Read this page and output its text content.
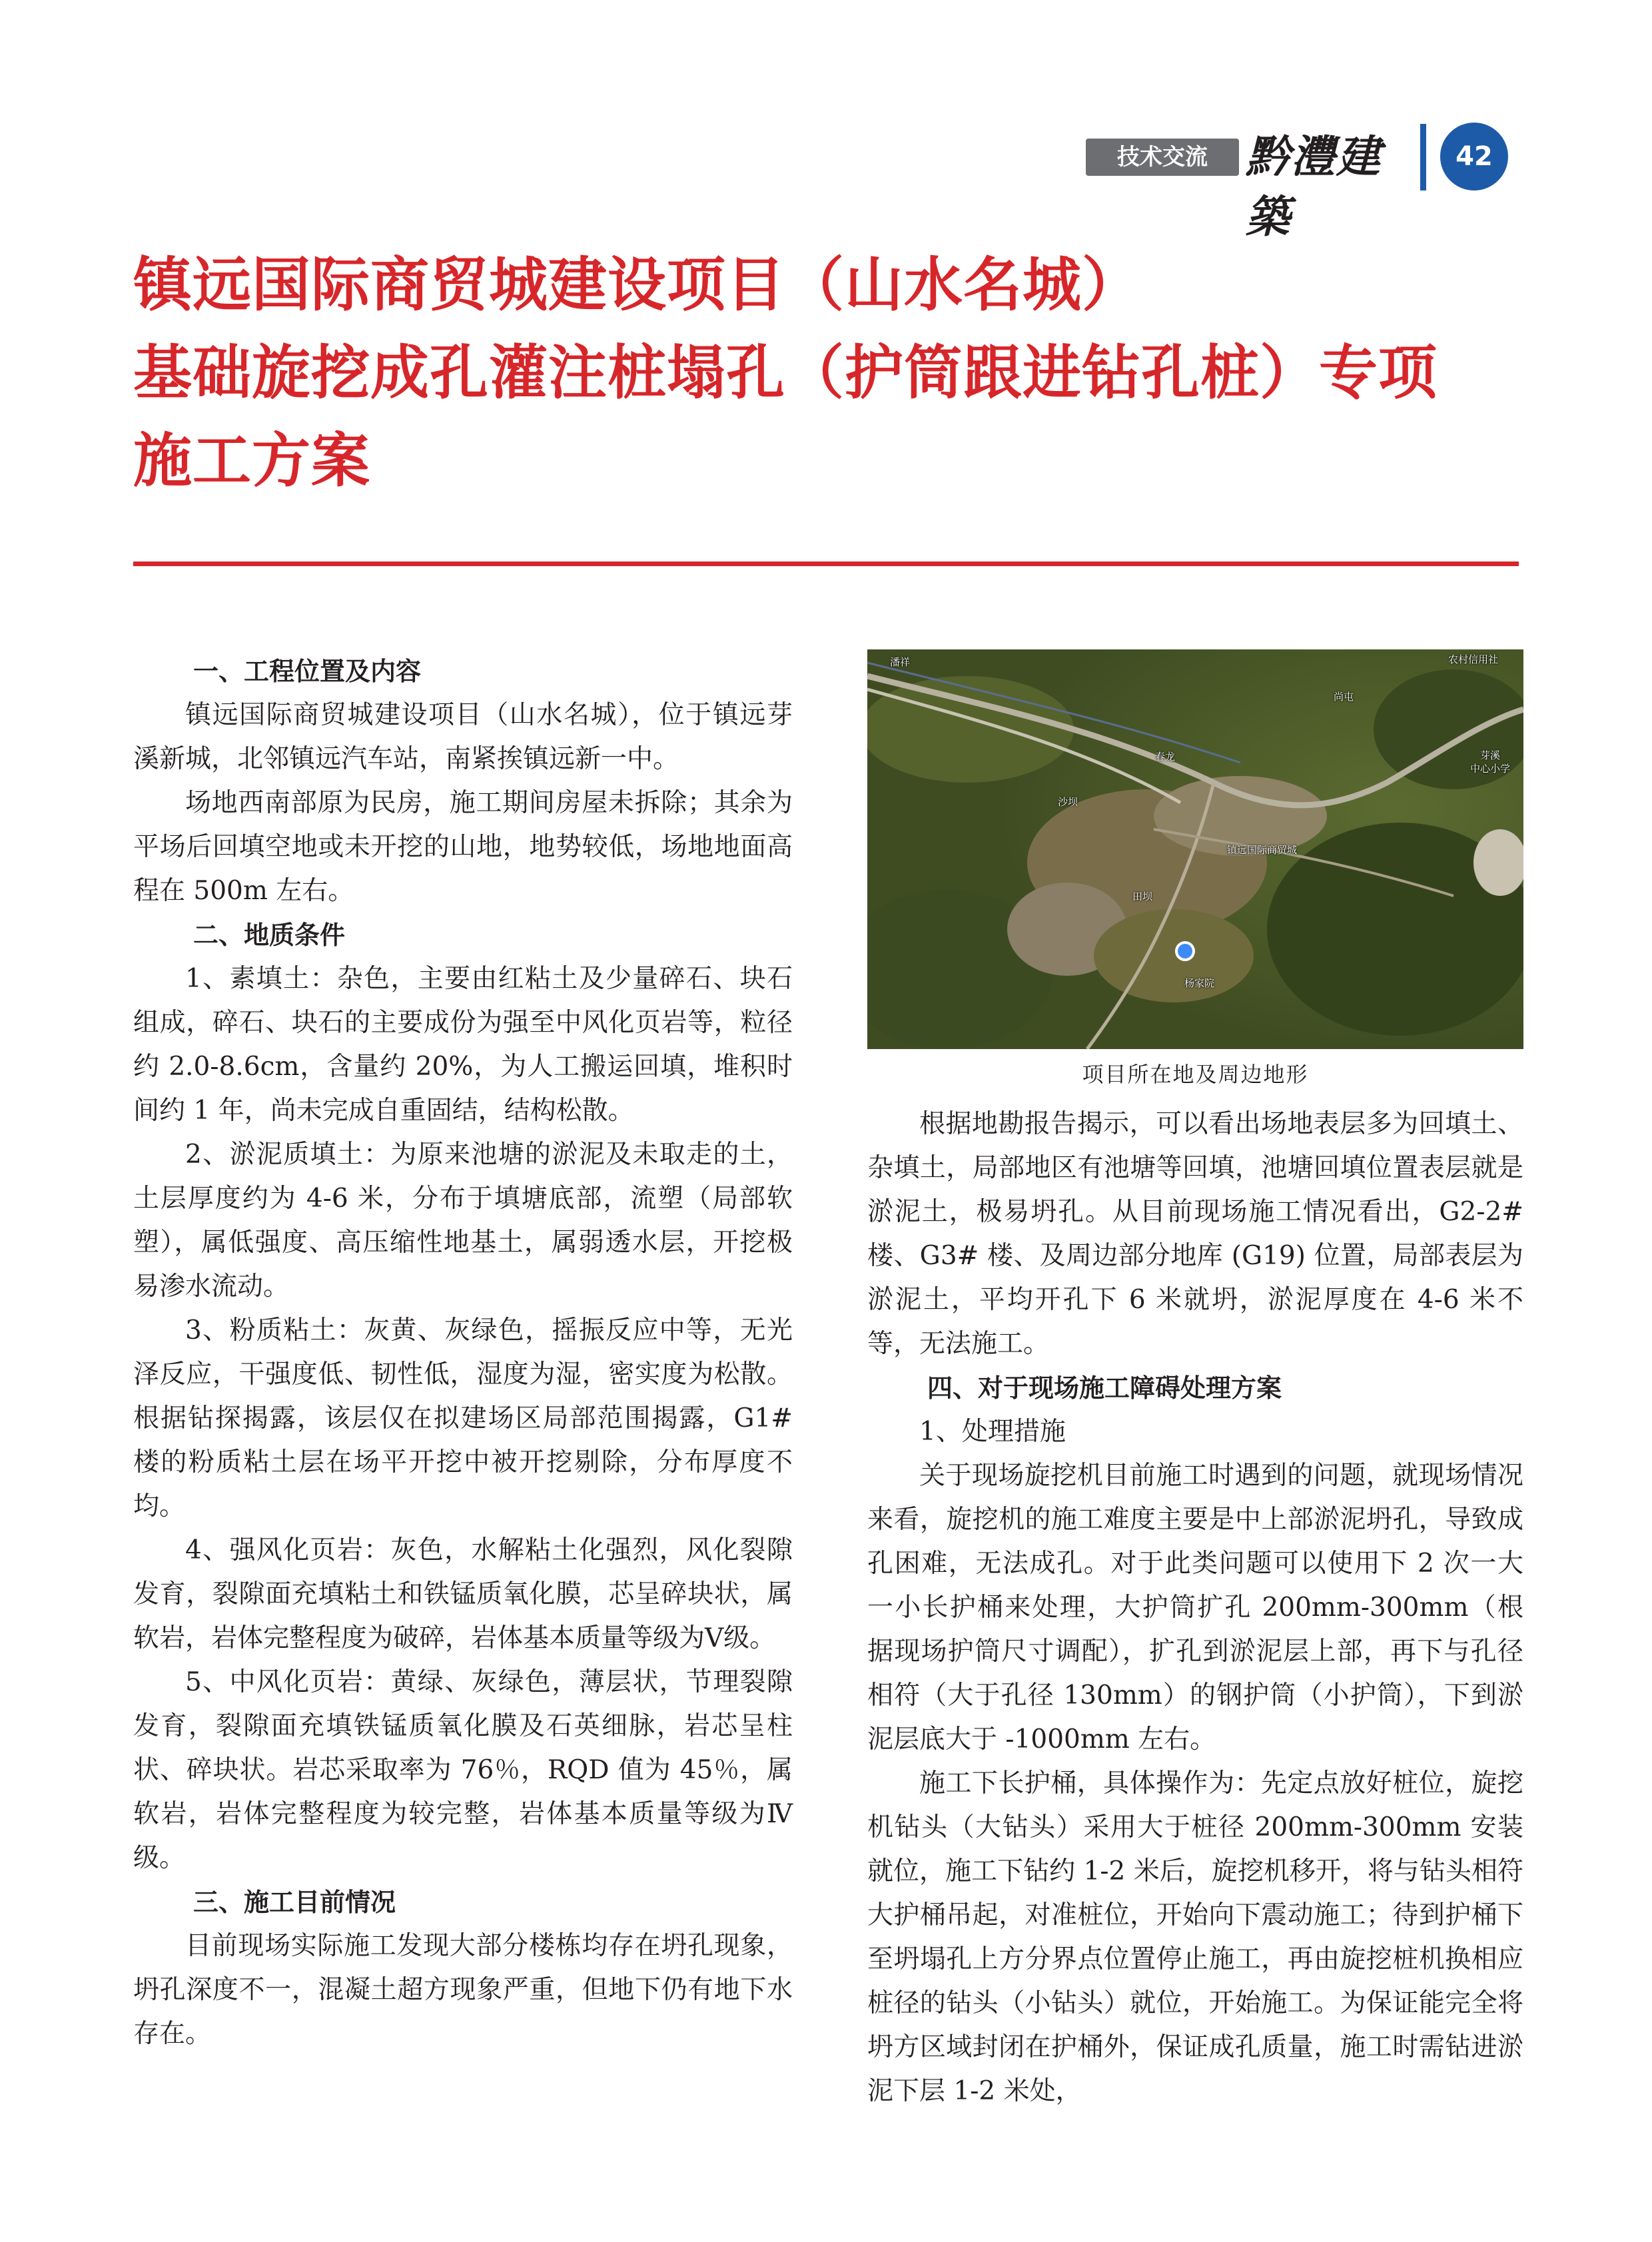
技术交流 黔灃建築
42
镇远国际商贸城建设项目（山水名城）
基础旋挖成孔灌注桩塌孔（护筒跟进钻孔桩）专项
施工方案

一、工程位置及内容

镇远国际商贸城建设项目（山水名城），位于镇远芽溪新城，北邻镇远汽车站，南紧挨镇远新一中。

场地西南部原为民房，施工期间房屋未拆除；其余为平场后回填空地或未开挖的山地，地势较低，场地地面高程在 500m 左右。

二、地质条件

1、素填土：杂色，主要由红粘土及少量碎石、块石组成，碎石、块石的主要成份为强至中风化页岩等，粒径约 2.0-8.6cm，含量约 20%，为人工搬运回填，堆积时间约 1 年，尚未完成自重固结，结构松散。

2、淤泥质填土：为原来池塘的淤泥及未取走的土，土层厚度约为 4-6 米，分布于填塘底部，流塑（局部软塑），属低强度、高压缩性地基土，属弱透水层，开挖极易渗水流动。

3、粉质粘土：灰黄、灰绿色，摇振反应中等，无光泽反应，干强度低、韧性低，湿度为湿，密实度为松散。根据钻探揭露，该层仅在拟建场区局部范围揭露，G1# 楼的粉质粘土层在场平开挖中被开挖剔除，分布厚度不均。

4、强风化页岩：灰色，水解粘土化强烈，风化裂隙发育，裂隙面充填粘土和铁锰质氧化膜，芯呈碎块状，属软岩，岩体完整程度为破碎，岩体基本质量等级为Ⅴ级。

5、中风化页岩：黄绿、灰绿色，薄层状，节理裂隙发育，裂隙面充填铁锰质氧化膜及石英细脉，岩芯呈柱状、碎块状。岩芯采取率为 76％，RQD 值为 45％，属软岩，岩体完整程度为较完整，岩体基本质量等级为Ⅳ级。

三、施工目前情况

目前现场实际施工发现大部分楼栋均存在坍孔现象，坍孔深度不一，混凝土超方现象严重，但地下仍有地下水存在。

潘祥	农村信用社
尚屯
芽溪
中心小学
春龙
沙坝
镇远国际商贸城
田坝
杨家院
项目所在地及周边地形

根据地勘报告揭示，可以看出场地表层多为回填土、杂填土，局部地区有池塘等回填，池塘回填位置表层就是淤泥土，极易坍孔。从目前现场施工情况看出，G2-2# 楼、G3# 楼、及周边部分地库 (G19) 位置，局部表层为淤泥土，平均开孔下 6 米就坍，淤泥厚度在 4-6 米不等，无法施工。

四、对于现场施工障碍处理方案

1、处理措施

关于现场旋挖机目前施工时遇到的问题，就现场情况来看，旋挖机的施工难度主要是中上部淤泥坍孔，导致成孔困难，无法成孔。对于此类问题可以使用下 2 次一大一小长护桶来处理，大护筒扩孔 200mm-300mm（根据现场护筒尺寸调配），扩孔到淤泥层上部，再下与孔径相符（大于孔径 130mm）的钢护筒（小护筒），下到淤泥层底大于 -1000mm 左右。

施工下长护桶，具体操作为：先定点放好桩位，旋挖机钻头（大钻头）采用大于桩径 200mm-300mm 安装就位，施工下钻约 1-2 米后，旋挖机移开，将与钻头相符大护桶吊起，对准桩位，开始向下震动施工；待到护桶下至坍塌孔上方分界点位置停止施工，再由旋挖桩机换相应桩径的钻头（小钻头）就位，开始施工。为保证能完全将坍方区域封闭在护桶外，保证成孔质量，施工时需钻进淤泥下层 1-2 米处，
